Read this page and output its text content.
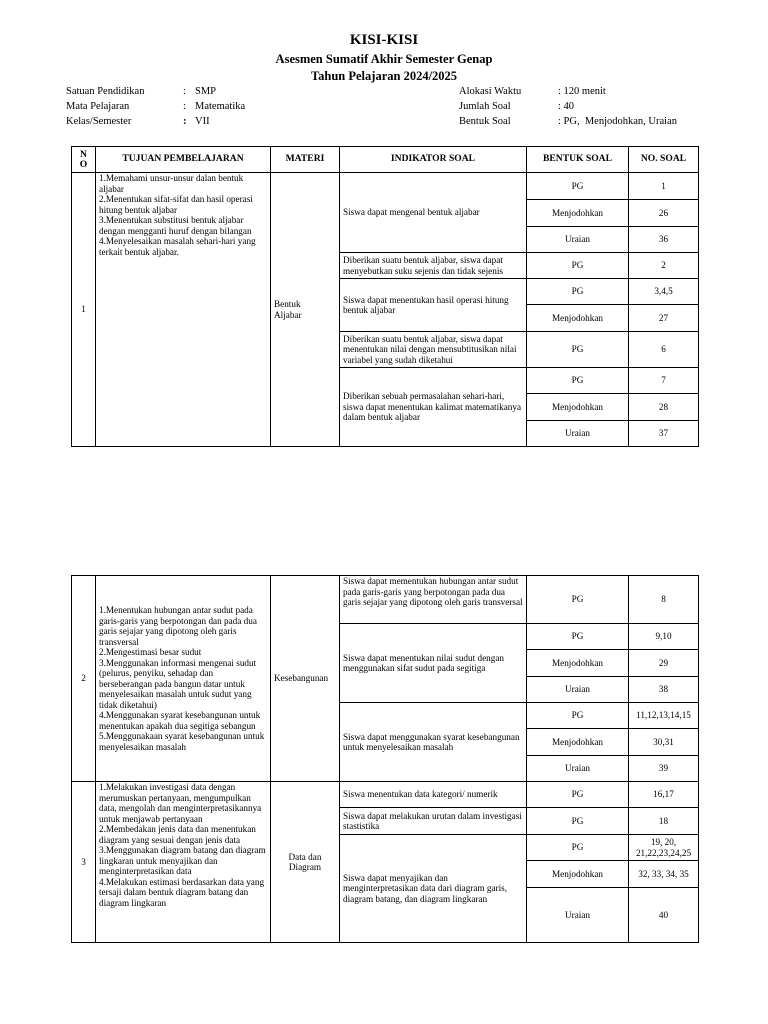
KISI-KISI
Asesmen Sumatif Akhir Semester Genap
Tahun Pelajaran 2024/2025
Satuan Pendidikan	: SMP
Mata Pelajaran	: Matematika
Kelas/Semester	: VII
Alokasi Waktu	: 120 menit
Jumlah Soal	: 40
Bentuk Soal	: PG,  Menjodohkan, Uraian
N
O	TUJUAN PEMBELAJARAN	MATERI	INDIKATOR SOAL	BENTUK SOAL	NO. SOAL
1	1.Memahami unsur-unsur dalan bentuk aljabar
2.Menentukan sifat-sifat dan hasil operasi hitung bentuk aljabar
3.Menentukan substitusi bentuk aljabar dengan mengganti huruf dengan bilangan
4.Menyelesaikan masalah sehari-hari yang terkait bentuk aljabar.	Bentuk
Aljabar	Siswa dapat mengenal bentuk aljabar	PG	1
				Menjodohkan	26
				Uraian	36
			Diberikan suatu bentuk aljabar, siswa dapat menyebutkan suku sejenis dan tidak sejenis	PG	2
			Siswa dapat menentukan hasil operasi hitung bentuk aljabar	PG	3,4,5
				Menjodohkan	27
			Diberikan suatu bentuk aljabar, siswa dapat menentukan nilai dengan mensubtitusikan nilai variabel yang sudah diketahui	PG	6
			Diberikan sebuah permasalahan sehari-hari, siswa dapat menentukan kalimat matematikanya dalam bentuk aljabar	PG	7
				Menjodohkan	28
				Uraian	37
2	1.Menentukan hubungan antar sudut pada garis-garis yang berpotongan dan pada dua garis sejajar yang dipotong oleh garis transversal
2.Mengestimasi besar sudut
3.Menggunakan informasi mengenai sudut (pelurus, penyiku, sehadap dan berseberangan pada bangun datar untuk menyelesaikan masalah untuk sudut yang tidak diketahui)
4.Menggunakan syarat kesebangunan untuk menentukan apakah dua segitiga sebangun
5.Menggunakaan syarat kesebangunan untuk menyelesaikan masalah	Kesebangunan	Siswa dapat mementukan hubungan antar sudut pada garis-garis yang berpotongan pada dua garis sejajar yang dipotong oleh garis transversal	PG	8
			Siswa dapat menentukan nilai sudut dengan menggunakan sifat sudut pada segitiga	PG	9,10
				Menjodohkan	29
				Uraian	38
			Siswa dapat menggunakan syarat kesebangunan untuk menyelesaikan masalah	PG	11,12,13,14,15
				Menjodohkan	30,31
				Uraian	39
3	1.Melakukan investigasi data dengan merumuskan pertanyaan, mengumpulkan data, mengolah dan menginterpretasikannya untuk menjawab pertanyaan
2.Membedakan jenis data dan menentukan diagram yang sesuai dengan jenis data
3.Menggunakan diagram batang dan diagram lingkaran untuk menyajikan dan menginterpretasikan data
4.Melakukan estimasi berdasarkan data yang tersaji dalam bentuk diagram batang dan diagram lingkaran	Data dan
Diagram	Siswa menentukan data kategori/ numerik	PG	16,17
			Siswa dapat melakukan urutan dalam investigasi stastistika	PG	18
			Siswa dapat menyajikan dan menginterpretasikan data dari diagram garis, diagram batang, dan diagram lingkaran	PG	19, 20,
21,22,23,24,25
				Menjodohkan	32, 33, 34, 35
				Uraian	40
